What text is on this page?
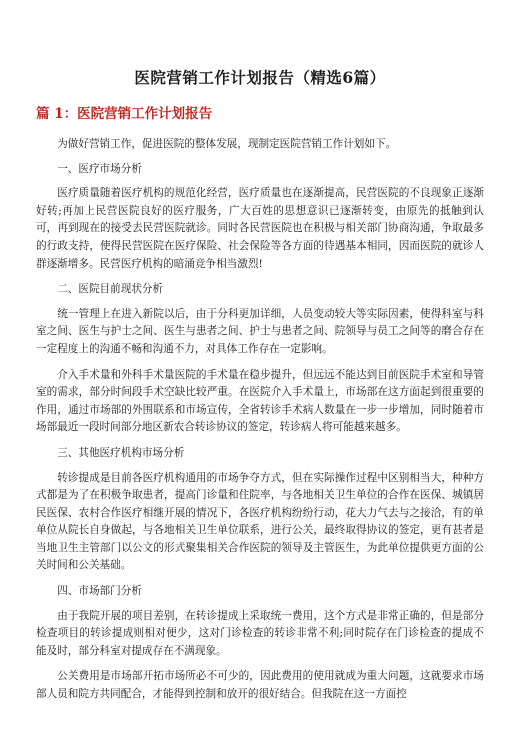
医院营销工作计划报告（精选6篇）
篇 1：医院营销工作计划报告

为做好营销工作，促进医院的整体发展，现制定医院营销工作计划如下。

一、医疗市场分析

医疗质量随着医疗机构的规范化经营，医疗质量也在逐渐提高，民营医院的不良现象正逐渐好转;再加上民营医院良好的医疗服务，广大百姓的思想意识已逐渐转变，由原先的抵触到认可，再到现在的接受去民营医院就诊。同时各民营医院也在积极与相关部门协商沟通，争取最多的行政支持，使得民营医院在医疗保险、社会保险等各方面的待遇基本相同，因而医院的就诊人群逐渐增多。民营医疗机构的暗涌竞争相当激烈!

二、医院目前现状分析

统一管理上在进入新院以后，由于分科更加详细，人员变动较大等实际因素，使得科室与科室之间、医生与护士之间、医生与患者之间、护士与患者之间、院领导与员工之间等的磨合存在一定程度上的沟通不畅和沟通不力，对具体工作存在一定影响。

介入手术量和外科手术量医院的手术量在稳步提升，但远远不能达到目前医院手术室和导管室的需求，部分时间段手术空缺比较严重。在医院介入手术量上，市场部在这方面起到很重要的作用，通过市场部的外围联系和市场宣传，全省转诊手术病人数量在一步一步增加，同时随着市场部最近一段时间部分地区新农合转诊协议的签定，转诊病人将可能越来越多。

三、其他医疗机构市场分析

转诊提成是目前各医疗机构通用的市场争夺方式，但在实际操作过程中区别相当大，种种方式都是为了在积极争取患者，提高门诊量和住院率，与各地相关卫生单位的合作在医保、城镇居民医保、农村合作医疗相继开展的情况下，各医疗机构纷纷行动，花大力气去与之接洽，有的单单位从院长自身做起，与各地相关卫生单位联系，进行公关，最终取得协议的签定，更有甚者是当地卫生主管部门以公文的形式聚集相关合作医院的领导及主管医生，为此单位提供更方面的公关时间和公关基础。

四、市场部门分析

由于我院开展的项目差别，在转诊提成上采取统一费用，这个方式是非常正确的，但是部分检查项目的转诊提成则相对便少，这对门诊检查的转诊非常不利;同时院存在门诊检查的提成不能及时，部分科室对提成存在不满现象。

公关费用是市场部开拓市场所必不可少的，因此费用的使用就成为重大问题，这就要求市场部人员和院方共同配合，才能得到控制和放开的很好结合。但我院在这一方面控
